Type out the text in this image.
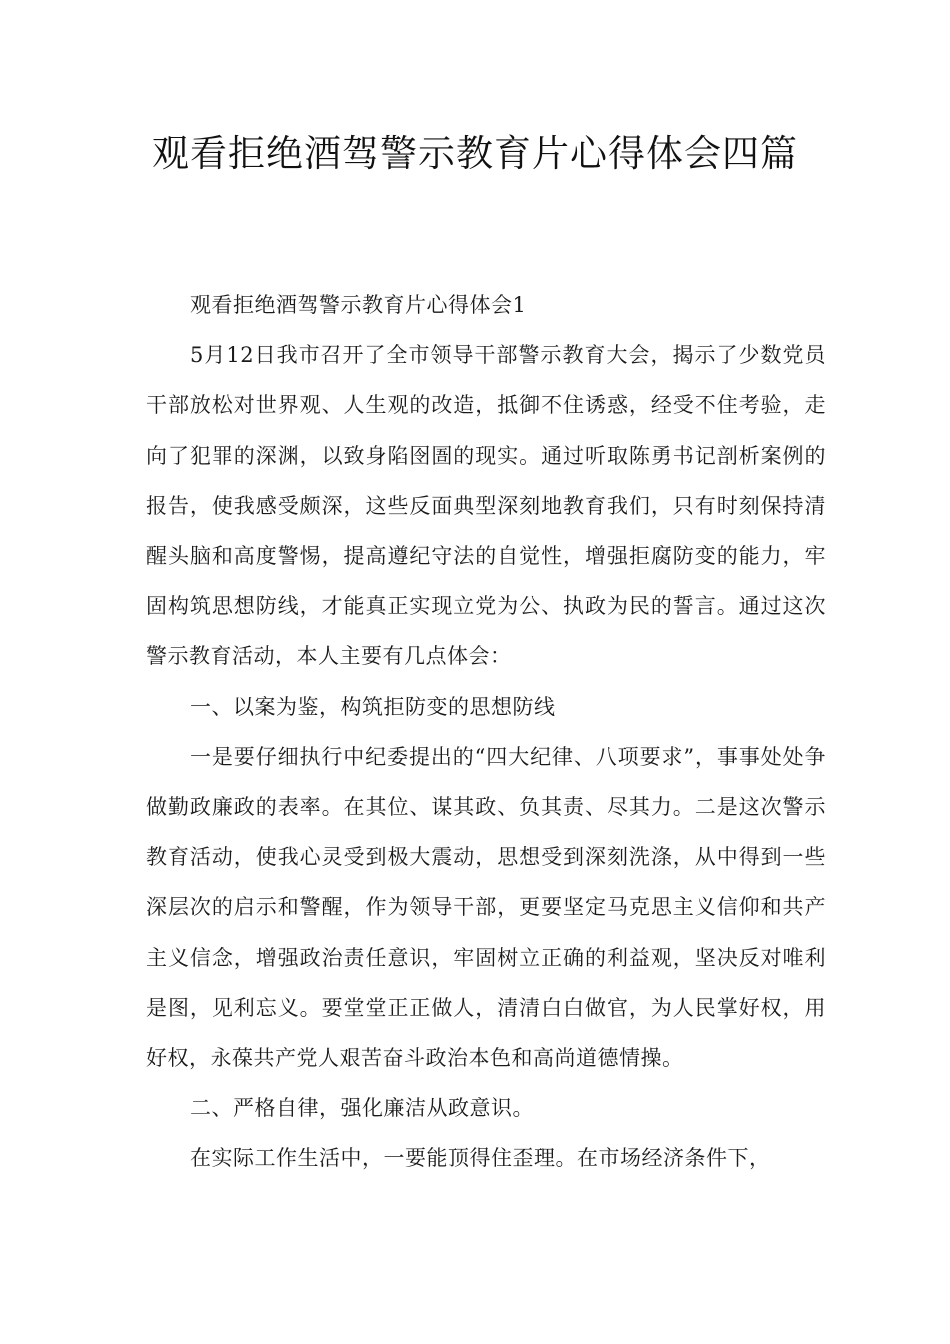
观看拒绝酒驾警示教育片心得体会四篇

观看拒绝酒驾警示教育片心得体会1

5月12日我市召开了全市领导干部警示教育大会，揭示了少数党员干部放松对世界观、人生观的改造，抵御不住诱惑，经受不住考验，走向了犯罪的深渊，以致身陷囹圄的现实。通过听取陈勇书记剖析案例的报告，使我感受颇深，这些反面典型深刻地教育我们，只有时刻保持清醒头脑和高度警惕，提高遵纪守法的自觉性，增强拒腐防变的能力，牢固构筑思想防线，才能真正实现立党为公、执政为民的誓言。通过这次警示教育活动，本人主要有几点体会：

一、以案为鉴，构筑拒防变的思想防线

一是要仔细执行中纪委提出的“四大纪律、八项要求”，事事处处争做勤政廉政的表率。在其位、谋其政、负其责、尽其力。二是这次警示教育活动，使我心灵受到极大震动，思想受到深刻洗涤，从中得到一些深层次的启示和警醒，作为领导干部，更要坚定马克思主义信仰和共产主义信念，增强政治责任意识，牢固树立正确的利益观，坚决反对唯利是图，见利忘义。要堂堂正正做人，清清白白做官，为人民掌好权，用好权，永葆共产党人艰苦奋斗政治本色和高尚道德情操。

二、严格自律，强化廉洁从政意识。

在实际工作生活中，一要能顶得住歪理。在市场经济条件下，
